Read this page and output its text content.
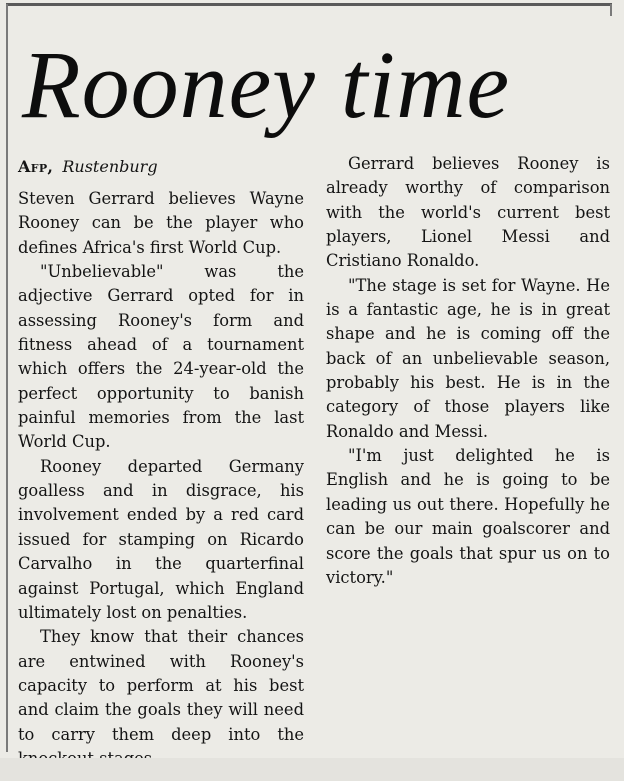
Rooney time
Afp, Rustenburg

Steven Gerrard believes Wayne Rooney can be the player who defines Africa's first World Cup.

"Unbelievable" was the adjective Gerrard opted for in assessing Rooney's form and fitness ahead of a tournament which offers the 24-year-old the perfect opportunity to banish painful memories from the last World Cup.

Rooney departed Germany goalless and in disgrace, his involvement ended by a red card issued for stamping on Ricardo Carvalho in the quarterfinal against Portugal, which England ultimately lost on penalties.

They know that their chances are entwined with Rooney's capacity to perform at his best and claim the goals they will need to carry them deep into the

Gerrard believes Rooney is already worthy of comparison with the world's current best players, Lionel Messi and Cristiano Ronaldo.

"The stage is set for Wayne. He is a fantastic age, he is in great shape and he is coming off the back of an unbelievable season, probably his best. He is in the category of those players like Ronaldo and Messi.

"I'm just delighted he is English and he is going to be leading us out there. Hopefully he can be our main goalscorer and score the goals that spur us on to victory."
